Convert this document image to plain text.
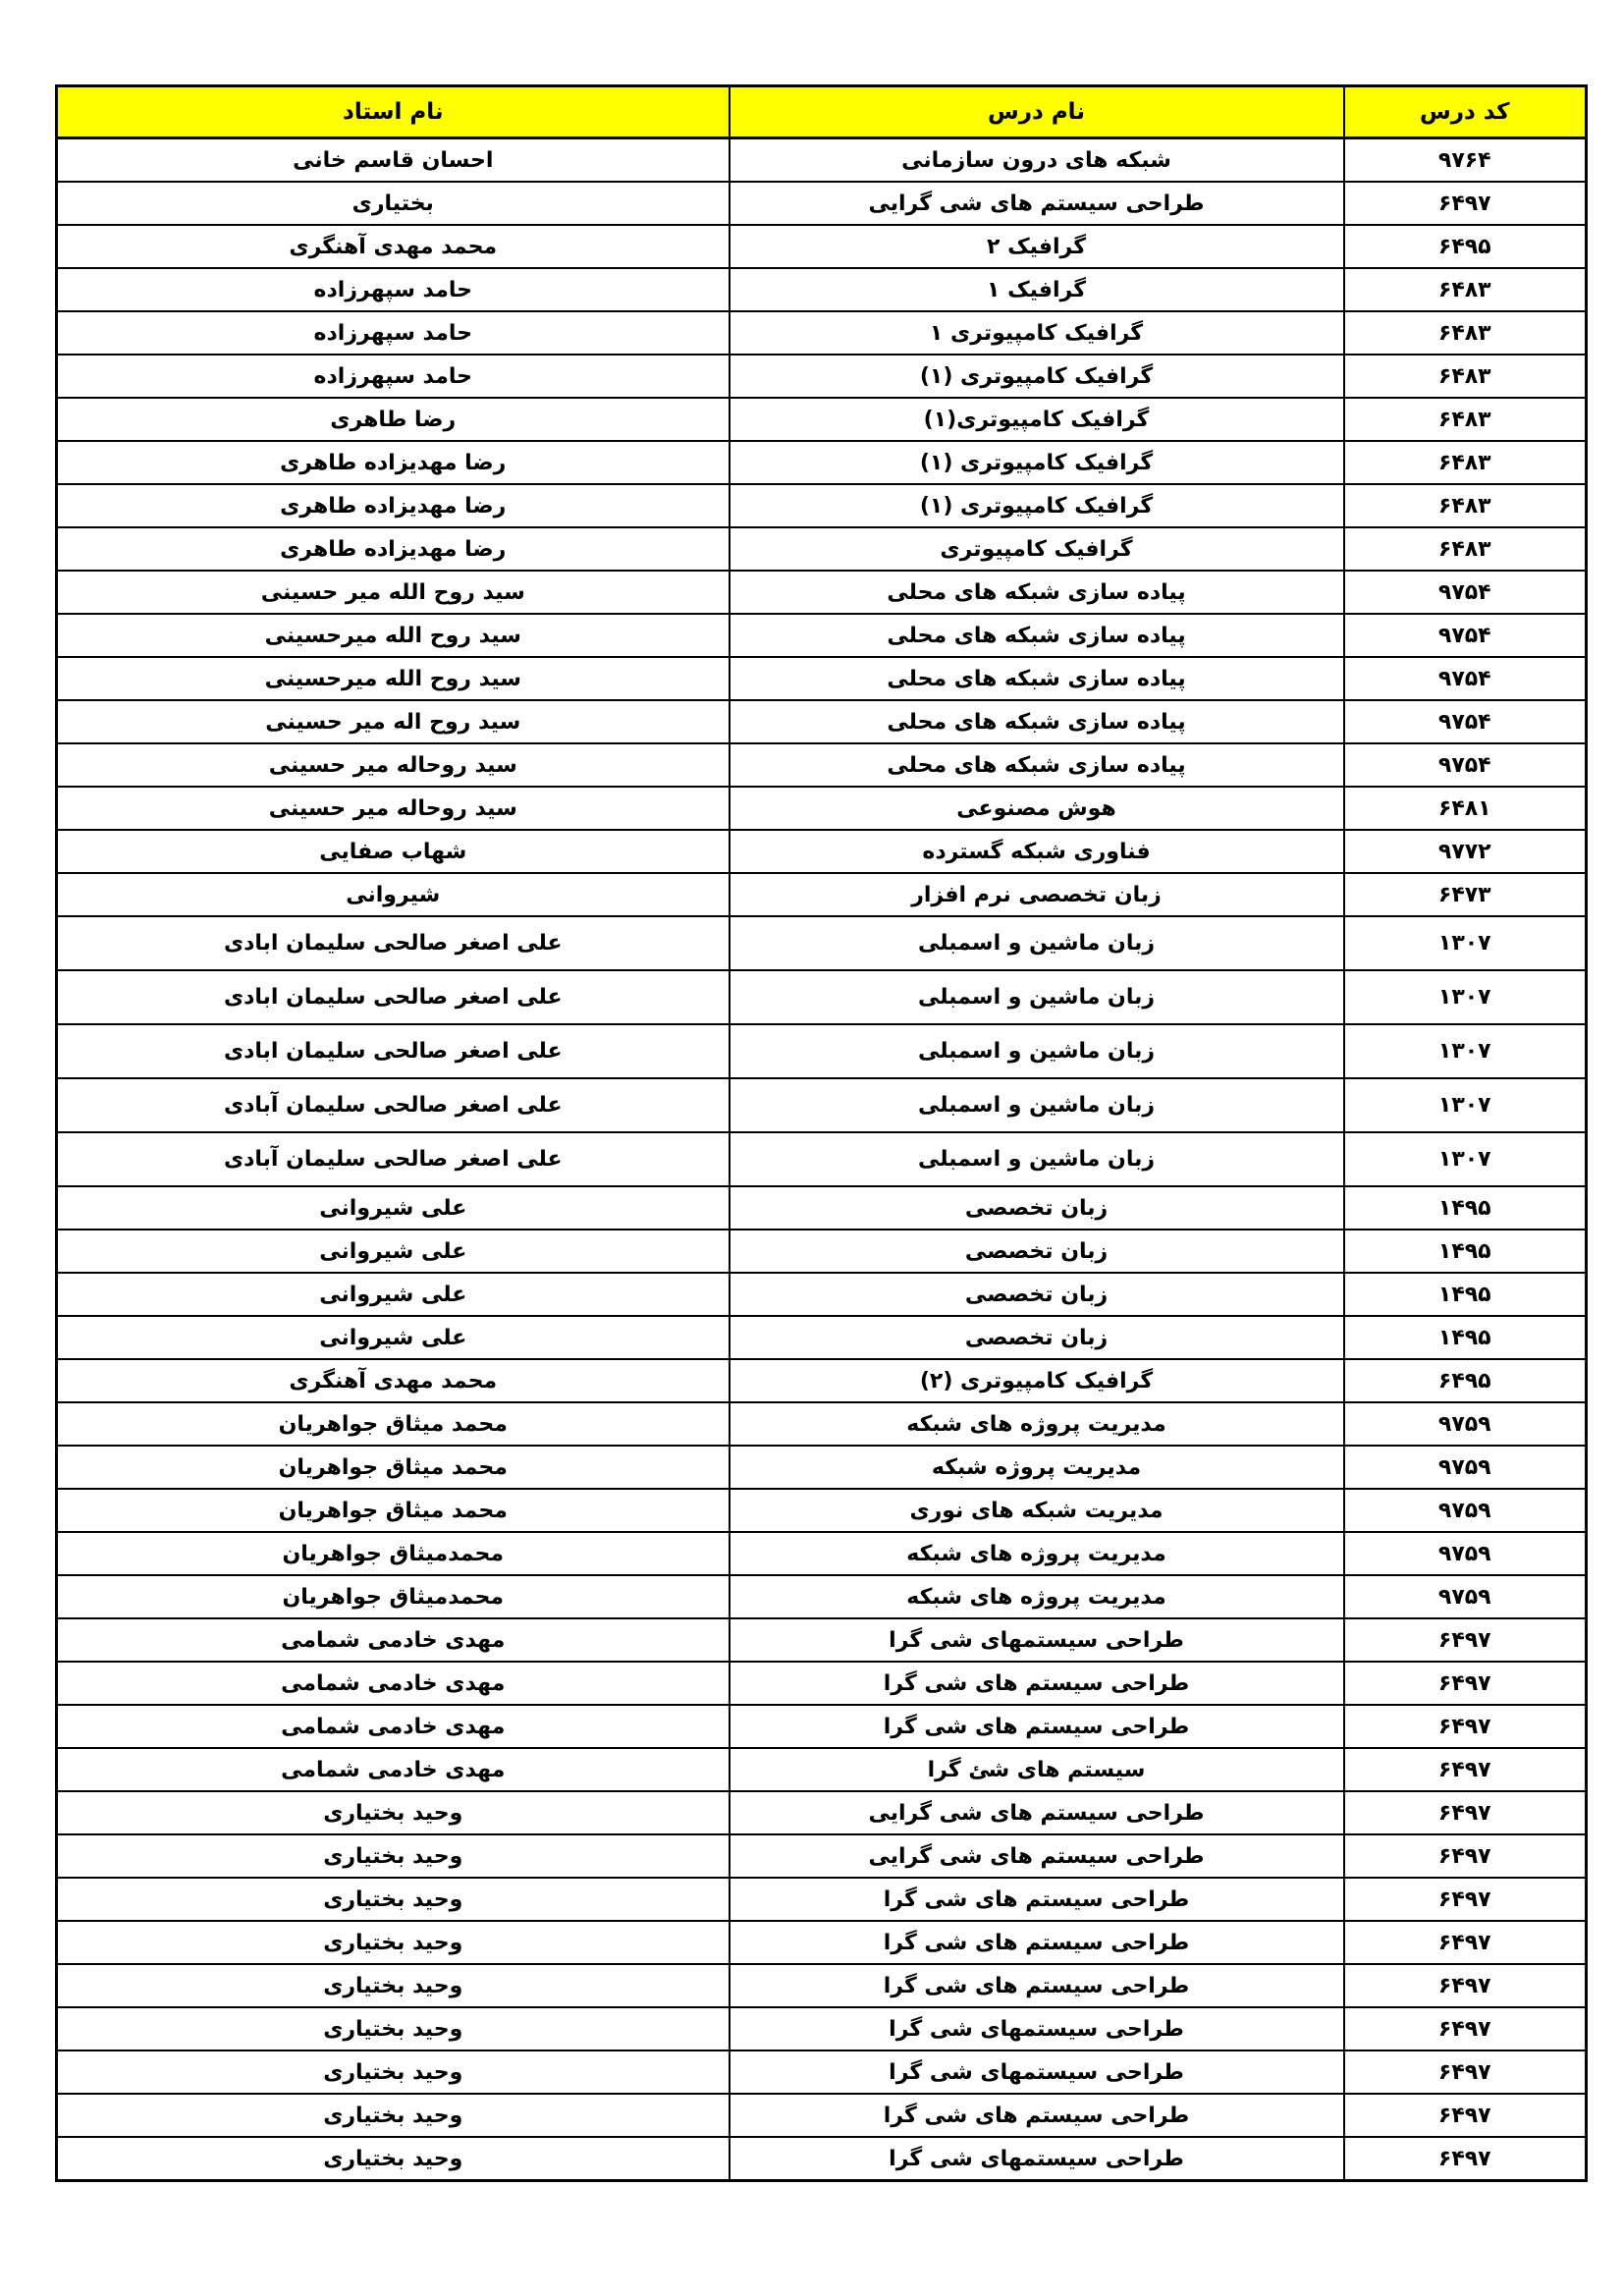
کد درس	نام درس	نام استاد
۹۷۶۴	شبکه های درون سازمانی	احسان قاسم خانی
۶۴۹۷	طراحی سیستم های شی گرایی	بختیاری
۶۴۹۵	گرافیک ۲	محمد مهدی آهنگری
۶۴۸۳	گرافیک ۱	حامد سپهرزاده
۶۴۸۳	گرافیک کامپیوتری ۱	حامد سپهرزاده
۶۴۸۳	گرافیک کامپیوتری (۱)	حامد سپهرزاده
۶۴۸۳	گرافیک کامپیوتری(۱)	رضا طاهری
۶۴۸۳	گرافیک کامپیوتری (۱)	رضا مهدیزاده طاهری
۶۴۸۳	گرافیک کامپیوتری (۱)	رضا مهدیزاده طاهری
۶۴۸۳	گرافیک کامپیوتری	رضا مهدیزاده طاهری
۹۷۵۴	پیاده سازی شبکه های محلی	سید روح الله میر حسینی
۹۷۵۴	پیاده سازی شبکه های محلی	سید روح الله میرحسینی
۹۷۵۴	پیاده سازی شبکه های محلی	سید روح الله میرحسینی
۹۷۵۴	پیاده سازی شبکه های محلی	سید روح اله میر حسینی
۹۷۵۴	پیاده سازی شبکه های محلی	سید روحاله میر حسینی
۶۴۸۱	هوش مصنوعی	سید روحاله میر حسینی
۹۷۷۲	فناوری شبکه گسترده	شهاب صفایی
۶۴۷۳	زبان تخصصی نرم افزار	شیروانی
۱۳۰۷	زبان ماشین و اسمبلی	علی اصغر صالحی سلیمان ابادی
۱۳۰۷	زبان ماشین و اسمبلی	علی اصغر صالحی سلیمان ابادی
۱۳۰۷	زبان ماشین و اسمبلی	علی اصغر صالحی سلیمان ابادی
۱۳۰۷	زبان ماشین و اسمبلی	علی اصغر صالحی سلیمان آبادی
۱۳۰۷	زبان ماشین و اسمبلی	علی اصغر صالحی سلیمان آبادی
۱۴۹۵	زبان تخصصی	علی شیروانی
۱۴۹۵	زبان تخصصی	علی شیروانی
۱۴۹۵	زبان تخصصی	علی شیروانی
۱۴۹۵	زبان تخصصی	علی شیروانی
۶۴۹۵	گرافیک کامپیوتری (۲)	محمد مهدی آهنگری
۹۷۵۹	مدیریت پروژه های شبکه	محمد میثاق جواهریان
۹۷۵۹	مدیریت پروژه شبکه	محمد میثاق جواهریان
۹۷۵۹	مدیریت شبکه های نوری	محمد میثاق جواهریان
۹۷۵۹	مدیریت پروژه های شبکه	محمدمیثاق جواهریان
۹۷۵۹	مدیریت پروژه های شبکه	محمدمیثاق جواهریان
۶۴۹۷	طراحی سیستمهای شی گرا	مهدی خادمی شمامی
۶۴۹۷	طراحی سیستم های شی گرا	مهدی خادمی شمامی
۶۴۹۷	طراحی سیستم های شی گرا	مهدی خادمی شمامی
۶۴۹۷	سیستم های شئ گرا	مهدی خادمی شمامی
۶۴۹۷	طراحی سیستم های شی گرایی	وحید بختیاری
۶۴۹۷	طراحی سیستم های شی گرایی	وحید بختیاری
۶۴۹۷	طراحی سیستم های شی گرا	وحید بختیاری
۶۴۹۷	طراحی سیستم های شی گرا	وحید بختیاری
۶۴۹۷	طراحی سیستم های شی گرا	وحید بختیاری
۶۴۹۷	طراحی سیستمهای شی گرا	وحید بختیاری
۶۴۹۷	طراحی سیستمهای شی گرا	وحید بختیاری
۶۴۹۷	طراحی سیستم های شی گرا	وحید بختیاری
۶۴۹۷	طراحی سیستمهای شی گرا	وحید بختیاری
